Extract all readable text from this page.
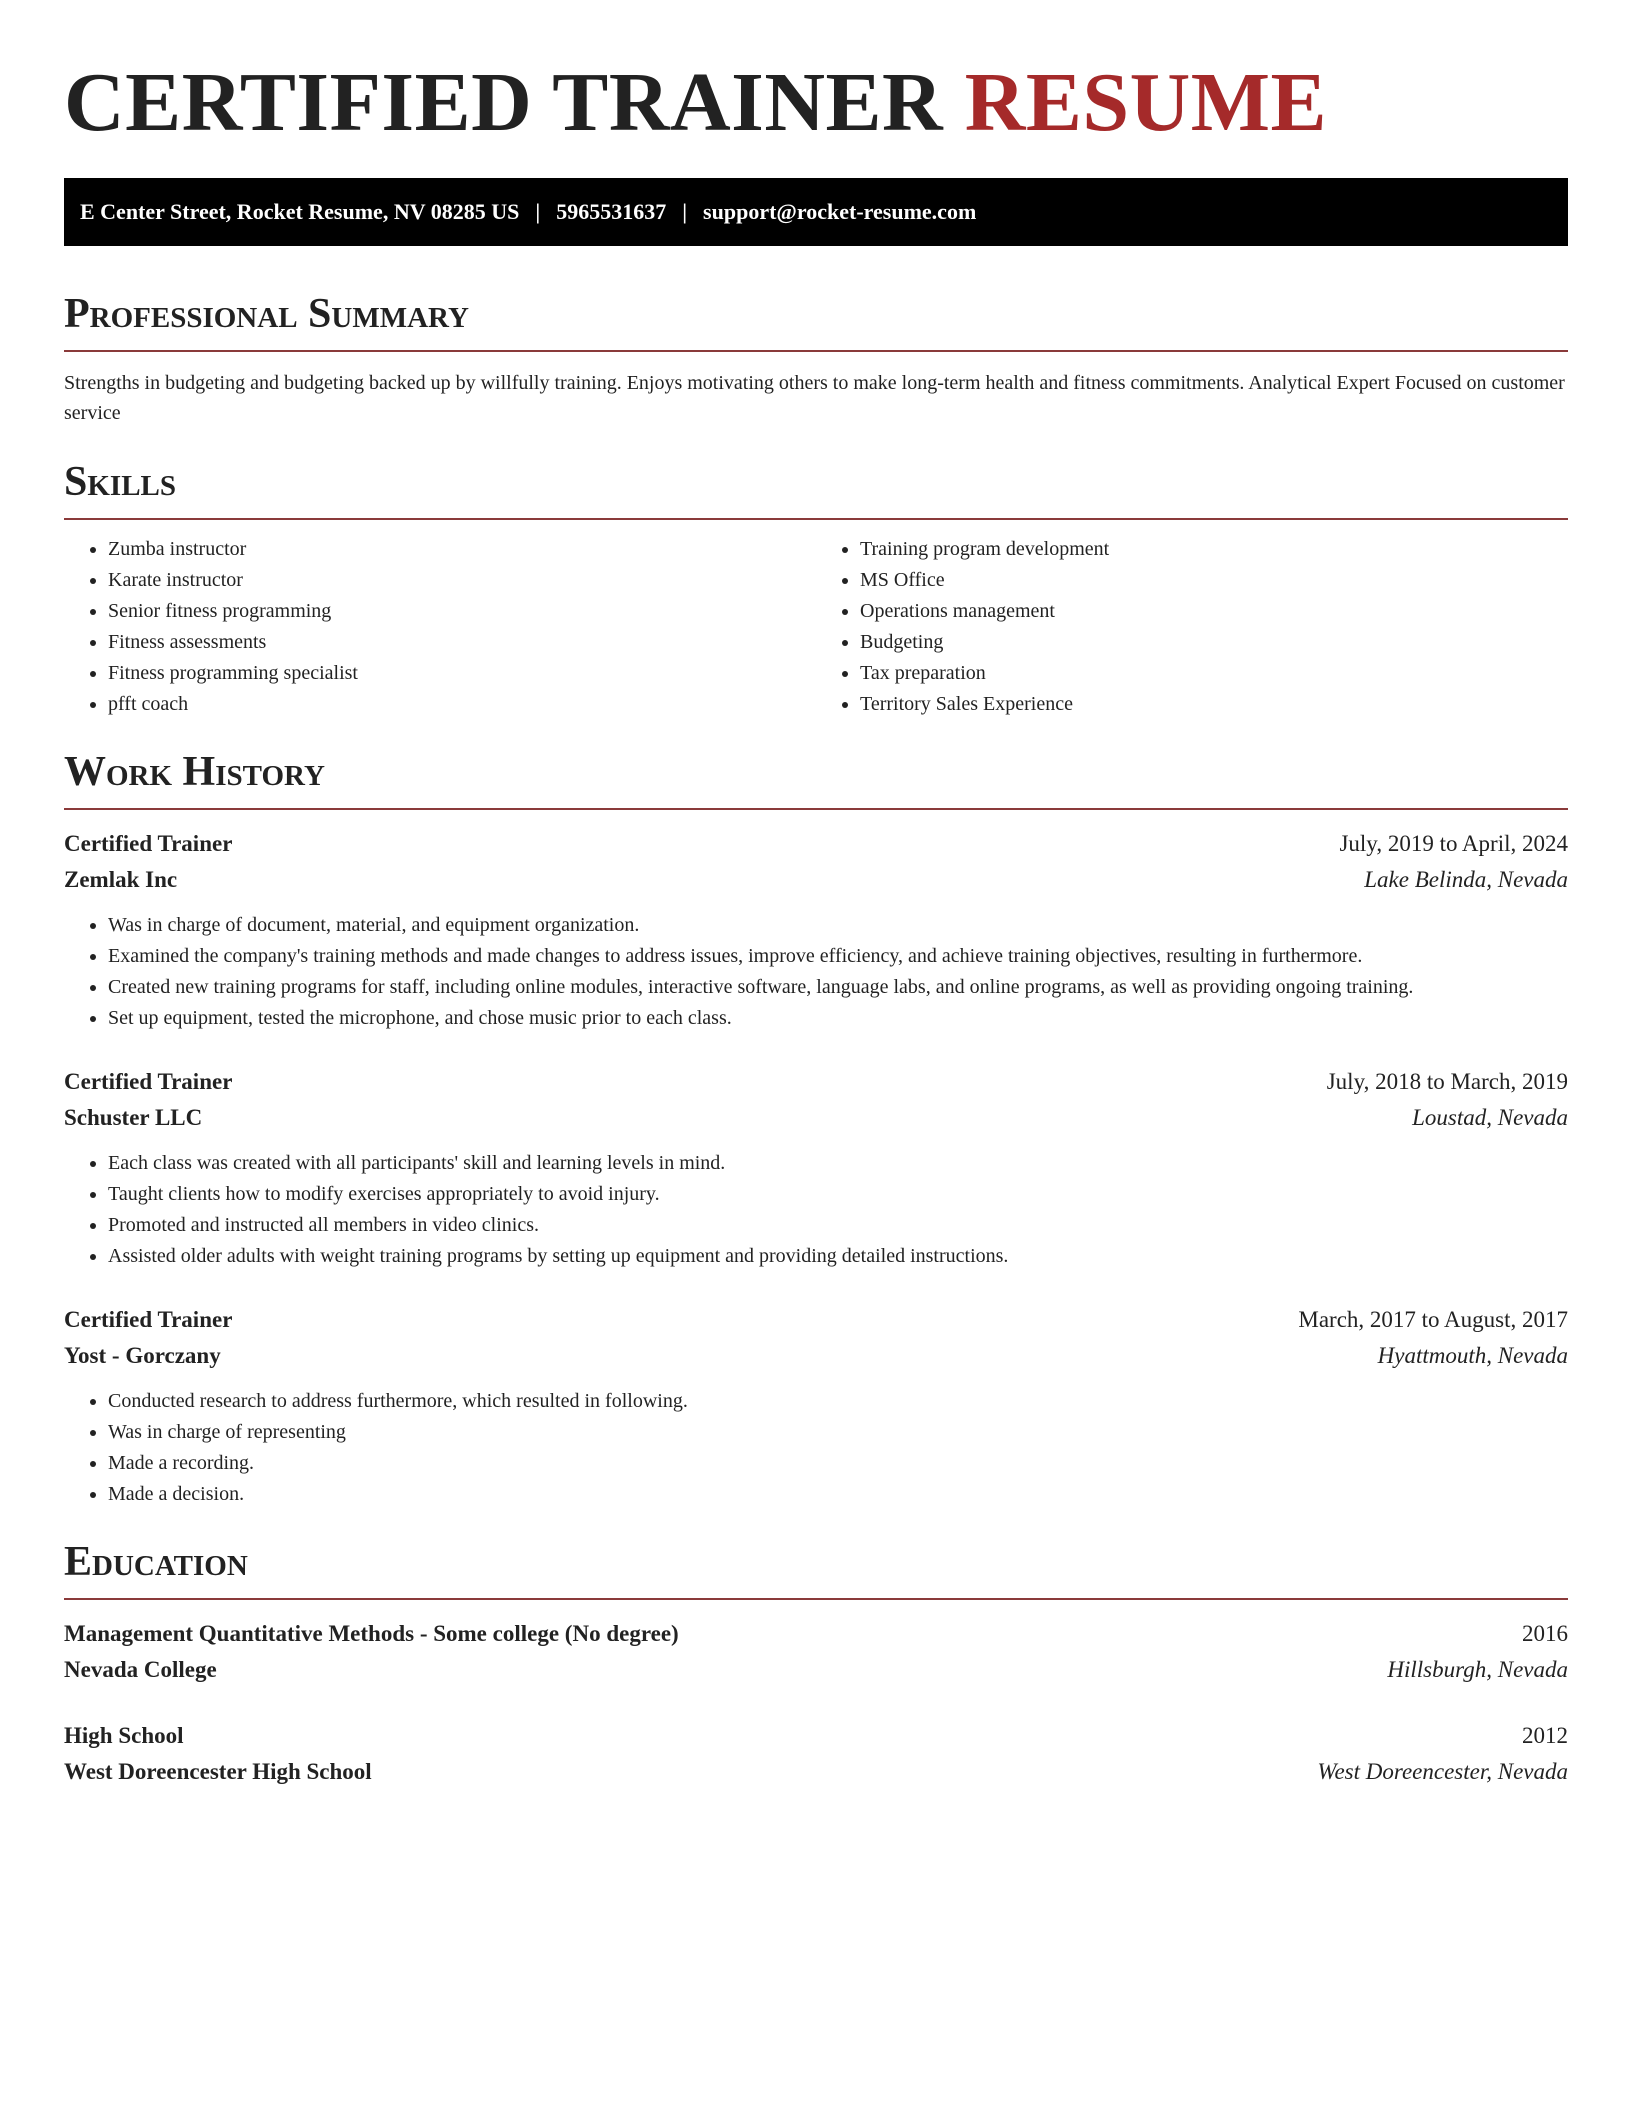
CERTIFIED TRAINER RESUME
E Center Street, Rocket Resume, NV 08285 US | 5965531637 | support@rocket-resume.com
Professional Summary

Strengths in budgeting and budgeting backed up by willfully training. Enjoys motivating others to make long-term health and fitness commitments. Analytical Expert Focused on customer service

Skills
• Zumba instructor
• Karate instructor
• Senior fitness programming
• Fitness assessments
• Fitness programming specialist
• pfft coach
• Training program development
• MS Office
• Operations management
• Budgeting
• Tax preparation
• Territory Sales Experience
Work History
Certified Trainer	July, 2019 to April, 2024
Zemlak Inc	Lake Belinda, Nevada
• Was in charge of document, material, and equipment organization.
• Examined the company's training methods and made changes to address issues, improve efficiency, and achieve training objectives, resulting in furthermore.
• Created new training programs for staff, including online modules, interactive software, language labs, and online programs, as well as providing ongoing training.
• Set up equipment, tested the microphone, and chose music prior to each class.
Certified Trainer	July, 2018 to March, 2019
Schuster LLC	Loustad, Nevada
• Each class was created with all participants' skill and learning levels in mind.
• Taught clients how to modify exercises appropriately to avoid injury.
• Promoted and instructed all members in video clinics.
• Assisted older adults with weight training programs by setting up equipment and providing detailed instructions.
Certified Trainer	March, 2017 to August, 2017
Yost - Gorczany	Hyattmouth, Nevada
• Conducted research to address furthermore, which resulted in following.
• Was in charge of representing
• Made a recording.
• Made a decision.
Education
Management Quantitative Methods - Some college (No degree)	2016
Nevada College	Hillsburgh, Nevada
High School	2012
West Doreencester High School	West Doreencester, Nevada
